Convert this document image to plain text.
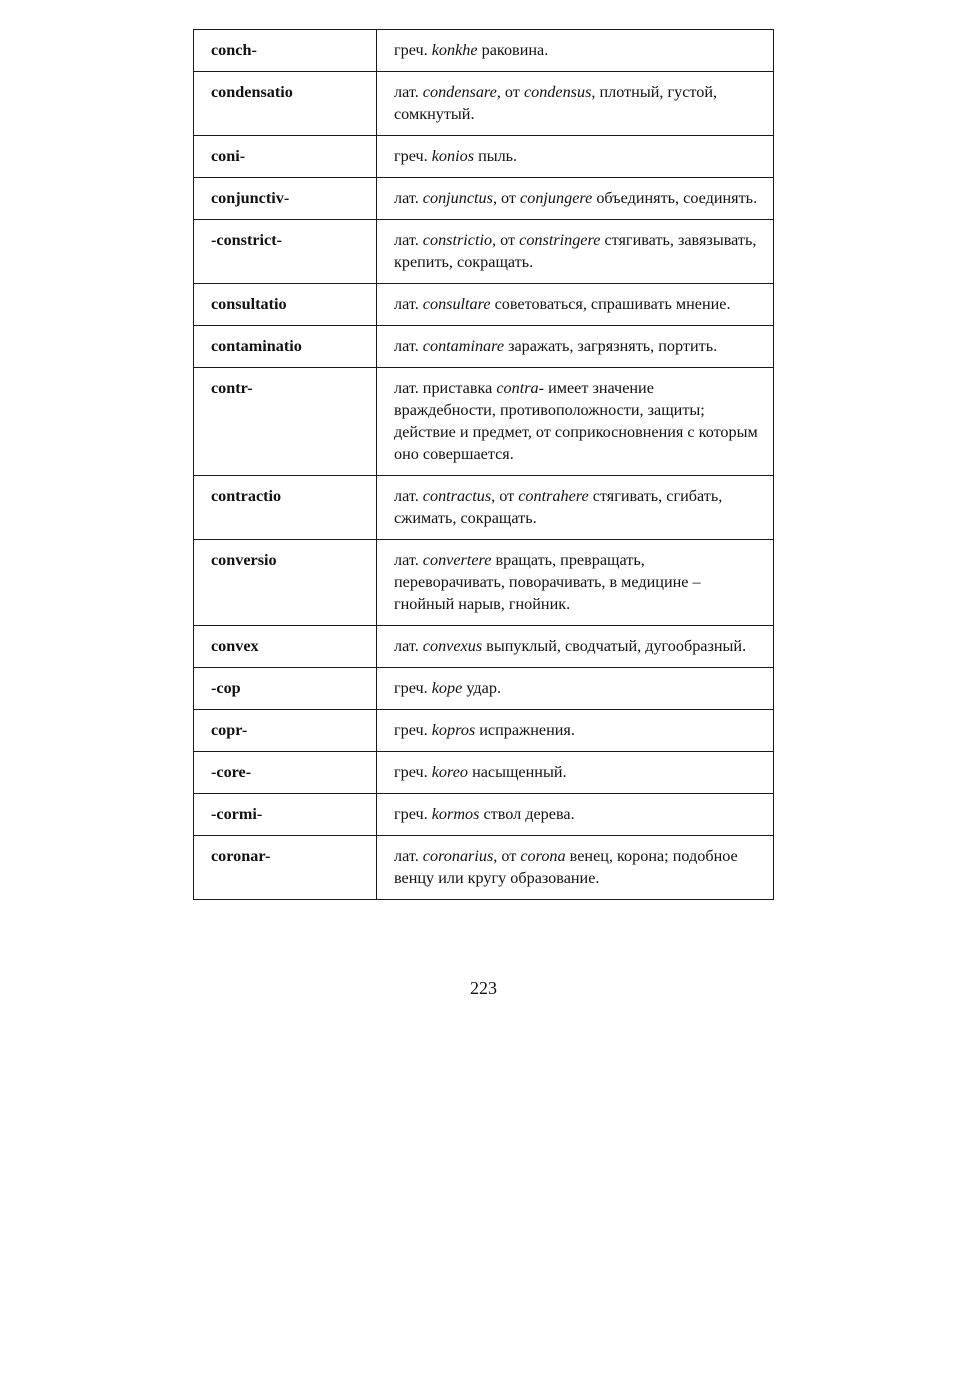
conch-	греч. konkhe раковина.
condensatio	лат. condensare, от condensus, плотный, густой, сомкнутый.
coni-	греч. konios пыль.
conjunctiv-	лат. conjunctus, от conjungere объединять, соединять.
-constrict-	лат. constrictio, от constringere стягивать, завязывать, крепить, сокращать.
consultatio	лат. consultare советоваться, спрашивать мнение.
contaminatio	лат. contaminare заражать, загрязнять, портить.
contr-	лат. приставка contra- имеет значение враждебности, противоположности, защиты; действие и предмет, от соприкосновнения с которым оно совершается.
contractio	лат. contractus, от contrahere стягивать, сгибать, сжимать, сокращать.
conversio	лат. convertere вращать, превращать, переворачивать, поворачивать, в медицине – гнойный нарыв, гнойник.
convex	лат. convexus выпуклый, сводчатый, дугообразный.
-cop	греч. kope удар.
copr-	греч. kopros испражнения.
-core-	греч. koreo насыщенный.
-cormi-	греч. kormos ствол дерева.
coronar-	лат. coronarius, от corona венец, корона; подобное венцу или кругу образование.
223
